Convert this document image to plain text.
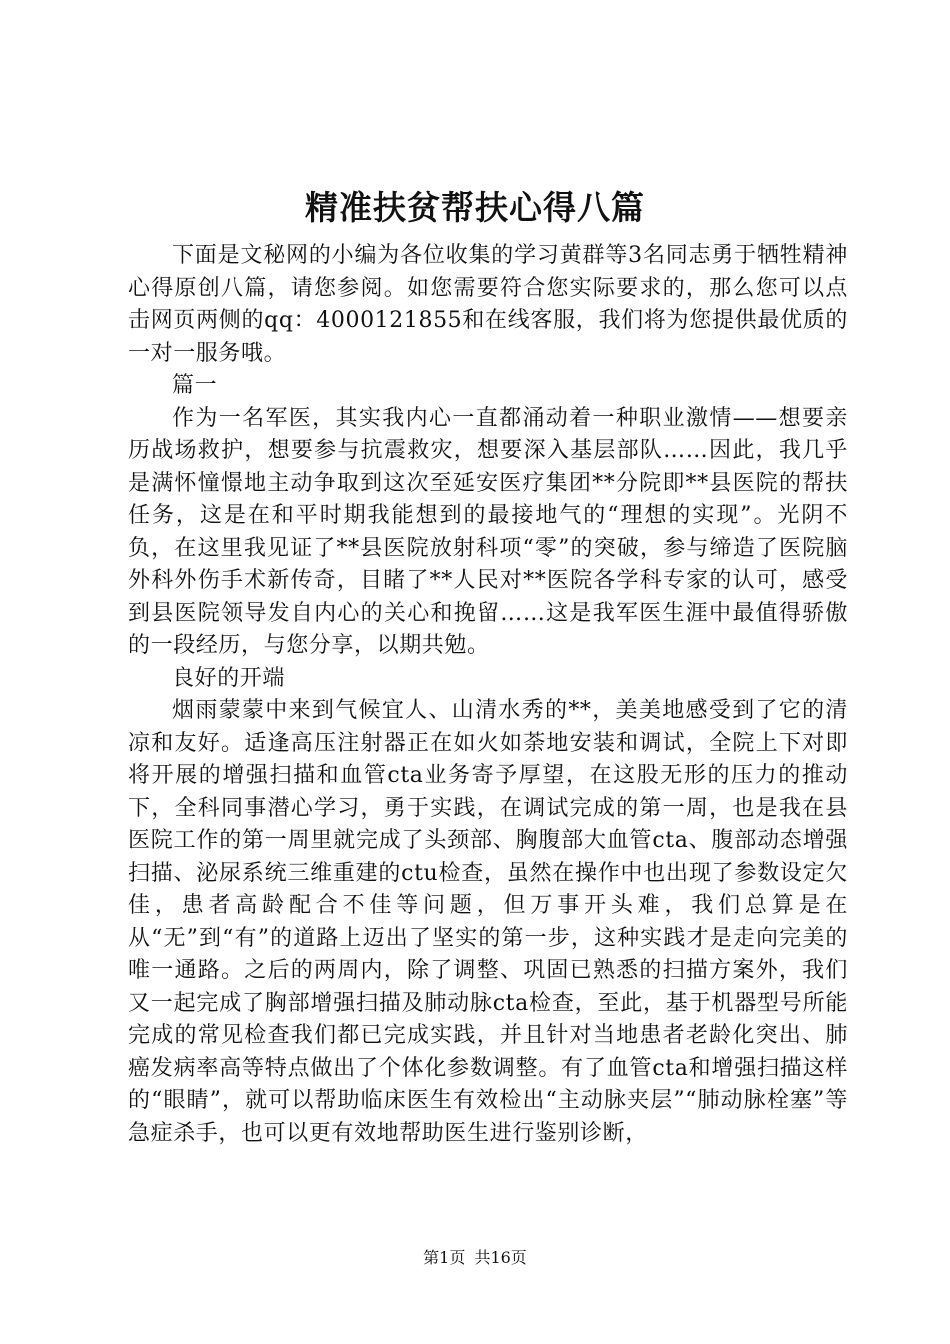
精准扶贫帮扶心得八篇

下面是文秘网的小编为各位收集的学习黄群等3名同志勇于牺牲精神心得原创八篇，请您参阅。如您需要符合您实际要求的，那么您可以点击网页两侧的qq：4000121855和在线客服，我们将为您提供最优质的一对一服务哦。

篇一

作为一名军医，其实我内心一直都涌动着一种职业激情——想要亲历战场救护，想要参与抗震救灾，想要深入基层部队……因此，我几乎是满怀憧憬地主动争取到这次至延安医疗集团**分院即**县医院的帮扶任务，这是在和平时期我能想到的最接地气的“理想的实现”。光阴不负，在这里我见证了**县医院放射科项“零”的突破，参与缔造了医院脑外科外伤手术新传奇，目睹了**人民对**医院各学科专家的认可，感受到县医院领导发自内心的关心和挽留……这是我军医生涯中最值得骄傲的一段经历，与您分享，以期共勉。

良好的开端

烟雨蒙蒙中来到气候宜人、山清水秀的**，美美地感受到了它的清凉和友好。适逢高压注射器正在如火如荼地安装和调试，全院上下对即将开展的增强扫描和血管cta业务寄予厚望，在这股无形的压力的推动下，全科同事潜心学习，勇于实践，在调试完成的第一周，也是我在县医院工作的第一周里就完成了头颈部、胸腹部大血管cta、腹部动态增强扫描、泌尿系统三维重建的ctu检查，虽然在操作中也出现了参数设定欠佳，患者高龄配合不佳等问题，但万事开头难，我们总算是在从“无”到“有”的道路上迈出了坚实的第一步，这种实践才是走向完美的唯一通路。之后的两周内，除了调整、巩固已熟悉的扫描方案外，我们又一起完成了胸部增强扫描及肺动脉cta检查，至此，基于机器型号所能完成的常见检查我们都已完成实践，并且针对当地患者老龄化突出、肺癌发病率高等特点做出了个体化参数调整。有了血管cta和增强扫描这样的“眼睛”，就可以帮助临床医生有效检出“主动脉夹层”“肺动脉栓塞”等急症杀手，也可以更有效地帮助医生进行鉴别诊断，

第1页 共16页
